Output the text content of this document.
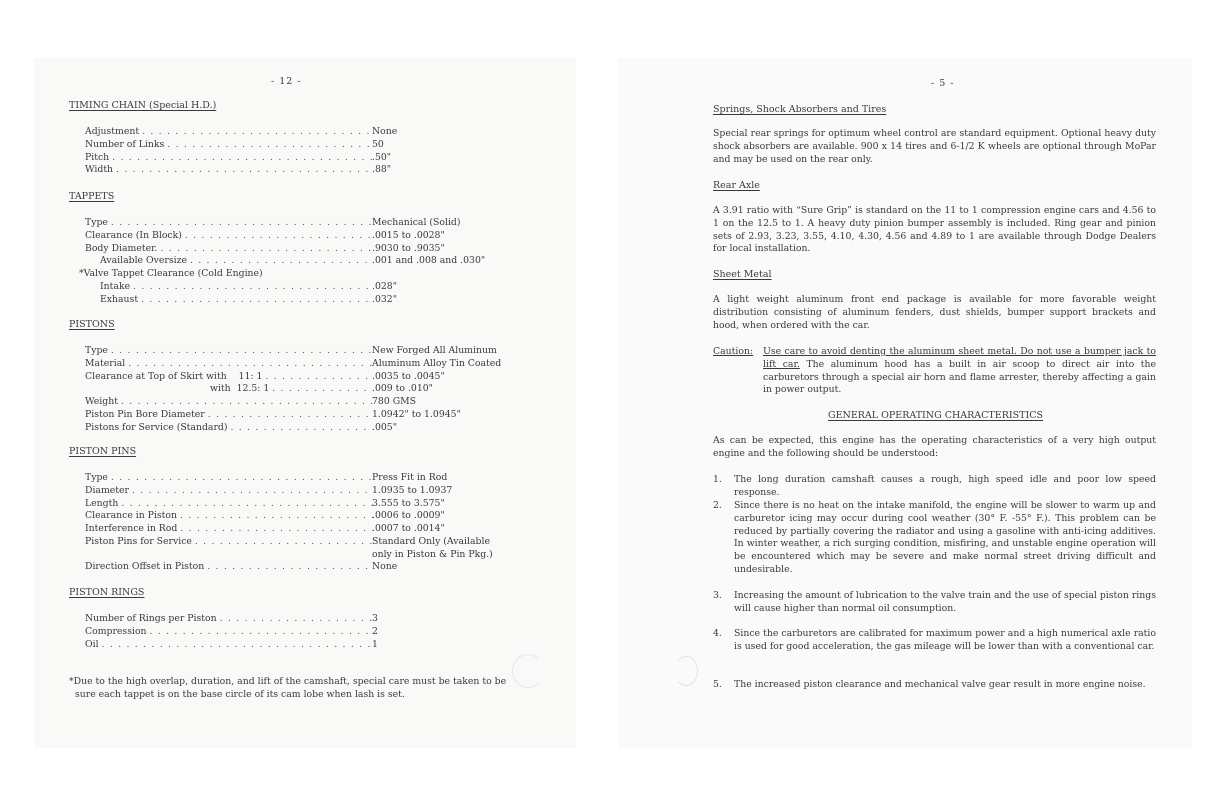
- 12 -
TIMING CHAIN (Special H.D.)
Adjustment . . .	None
Number of Links . . .	50
Pitch . . .	.50"
Width . . .	.88"
TAPPETS
Type . . .	Mechanical (Solid)
Clearance (In Block) . . .	.0015 to .0028"
Body Diameter. . . .	.9030 to .9035"
Available Oversize . . .	.001 and .008 and .030"
*Valve Tappet Clearance (Cold Engine)
Intake . . .	.028"
Exhaust . . .	.032"
PISTONS
Type . . .	New Forged All Aluminum
Material . . .	Aluminum Alloy Tin Coated
Clearance at Top of Skirt with    11: 1 . . .	.0035 to .0045"
with  12.5: 1 . . .	.009 to .010"
Weight . . .	780 GMS
Piston Pin Bore Diameter . . .	1.0942" to 1.0945"
Pistons for Service (Standard) . . .	.005"
PISTON PINS
Type . . .	Press Fit in Rod
Diameter . . .	1.0935 to 1.0937
Length . . .	3.555 to 3.575"
Clearance in Piston . . .	.0006 to .0009"
Interference in Rod . . .	.0007 to .0014"
Piston Pins for Service . . .	Standard Only (Available
only in Piston & Pin Pkg.)
Direction Offset in Piston . . .	None
PISTON RINGS
Number of Rings per Piston . . .	3
Compression . . .	2
Oil . . .	1
*Due to the high overlap, duration, and lift of the camshaft, special care must be taken to be
sure each tappet is on the base circle of its cam lobe when lash is set.
- 5 -
Springs, Shock Absorbers and Tires
Special rear springs for optimum wheel control are standard equipment. Optional heavy duty shock absorbers are available. 900 x 14 tires and 6-1/2 K wheels are optional through MoPar and may be used on the rear only.
Rear Axle
A 3.91 ratio with “Sure Grip” is standard on the 11 to 1 compression engine cars and 4.56 to 1 on the 12.5 to 1. A heavy duty pinion bumper assembly is included. Ring gear and pinion sets of 2.93, 3.23, 3.55, 4.10, 4.30, 4.56 and 4.89 to 1 are available through Dodge Dealers for local installation.
Sheet Metal
A light weight aluminum front end package is available for more favorable weight distribution consisting of aluminum fenders, dust shields, bumper support brackets and hood, when ordered with the car.
Caution: Use care to avoid denting the aluminum sheet metal. Do not use a bumper jack to lift car. The aluminum hood has a built in air scoop to direct air into the carburetors through a special air horn and flame arrester, thereby affecting a gain in power output.
GENERAL OPERATING CHARACTERISTICS
As can be expected, this engine has the operating characteristics of a very high output engine and the following should be understood:
1. The long duration camshaft causes a rough, high speed idle and poor low speed response.
2. Since there is no heat on the intake manifold, the engine will be slower to warm up and carburetor icing may occur during cool weather (30° F. -55° F.). This problem can be reduced by partially covering the radiator and using a gasoline with anti-icing additives. In winter weather, a rich surging condition, misfiring, and unstable engine operation will be encountered which may be severe and make normal street driving difficult and undesirable.
3. Increasing the amount of lubrication to the valve train and the use of special piston rings will cause higher than normal oil consumption.
4. Since the carburetors are calibrated for maximum power and a high numerical axle ratio is used for good acceleration, the gas mileage will be lower than with a conventional car.
5. The increased piston clearance and mechanical valve gear result in more engine noise.
